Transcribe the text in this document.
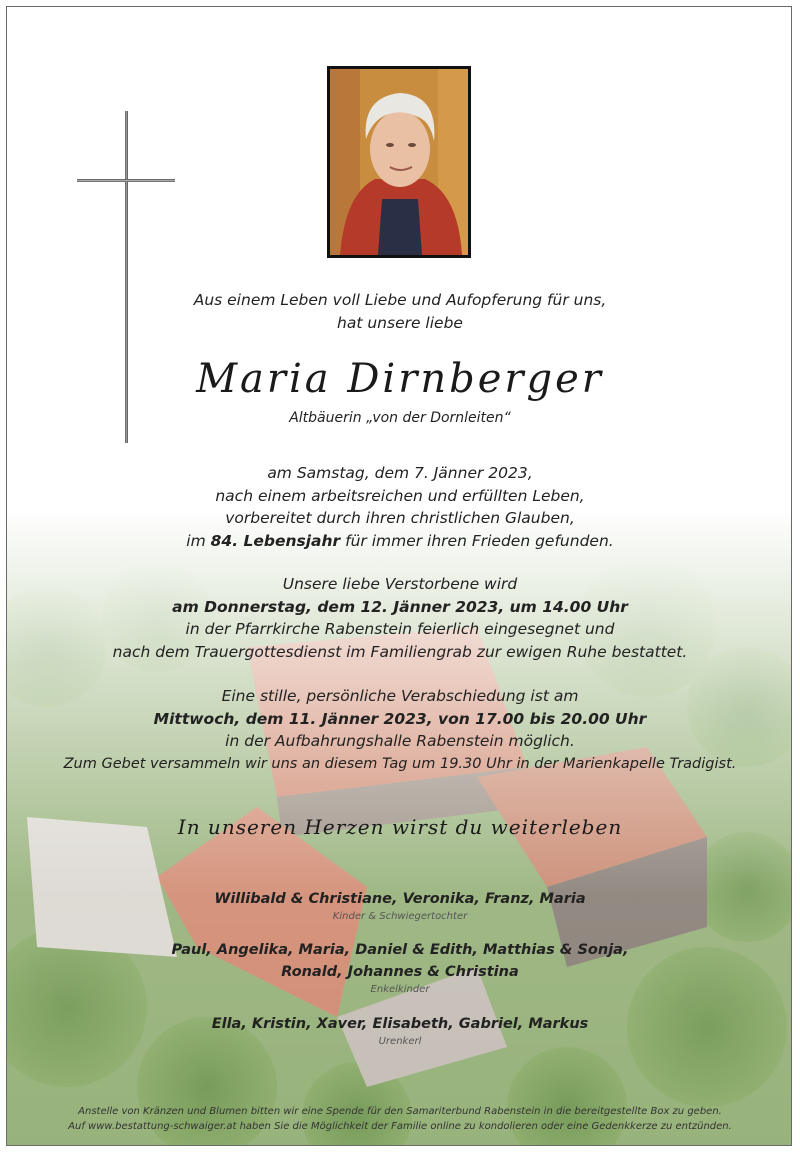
Aus einem Leben voll Liebe und Aufopferung für uns,
hat unsere liebe
Maria Dirnberger
Altbäuerin „von der Dornleiten“
am Samstag, dem 7. Jänner 2023,
nach einem arbeitsreichen und erfüllten Leben,
vorbereitet durch ihren christlichen Glauben,
im 84. Lebensjahr für immer ihren Frieden gefunden.
Unsere liebe Verstorbene wird
am Donnerstag, dem 12. Jänner 2023, um 14.00 Uhr
in der Pfarrkirche Rabenstein feierlich eingesegnet und
nach dem Trauergottesdienst im Familiengrab zur ewigen Ruhe bestattet.
Eine stille, persönliche Verabschiedung ist am
Mittwoch, dem 11. Jänner 2023, von 17.00 bis 20.00 Uhr
in der Aufbahrungshalle Rabenstein möglich.
Zum Gebet versammeln wir uns an diesem Tag um 19.30 Uhr in der Marienkapelle Tradigist.
In unseren Herzen wirst du weiterleben
Willibald & Christiane, Veronika, Franz, Maria
Kinder & Schwiegertochter
Paul, Angelika, Maria, Daniel & Edith, Matthias & Sonja,
Ronald, Johannes & Christina
Enkelkinder
Ella, Kristin, Xaver, Elisabeth, Gabriel, Markus
Urenkerl
Anstelle von Kränzen und Blumen bitten wir eine Spende für den Samariterbund Rabenstein in die bereitgestellte Box zu geben.
Auf www.bestattung-schwaiger.at haben Sie die Möglichkeit der Familie online zu kondolieren oder eine Gedenkkerze zu entzünden.
